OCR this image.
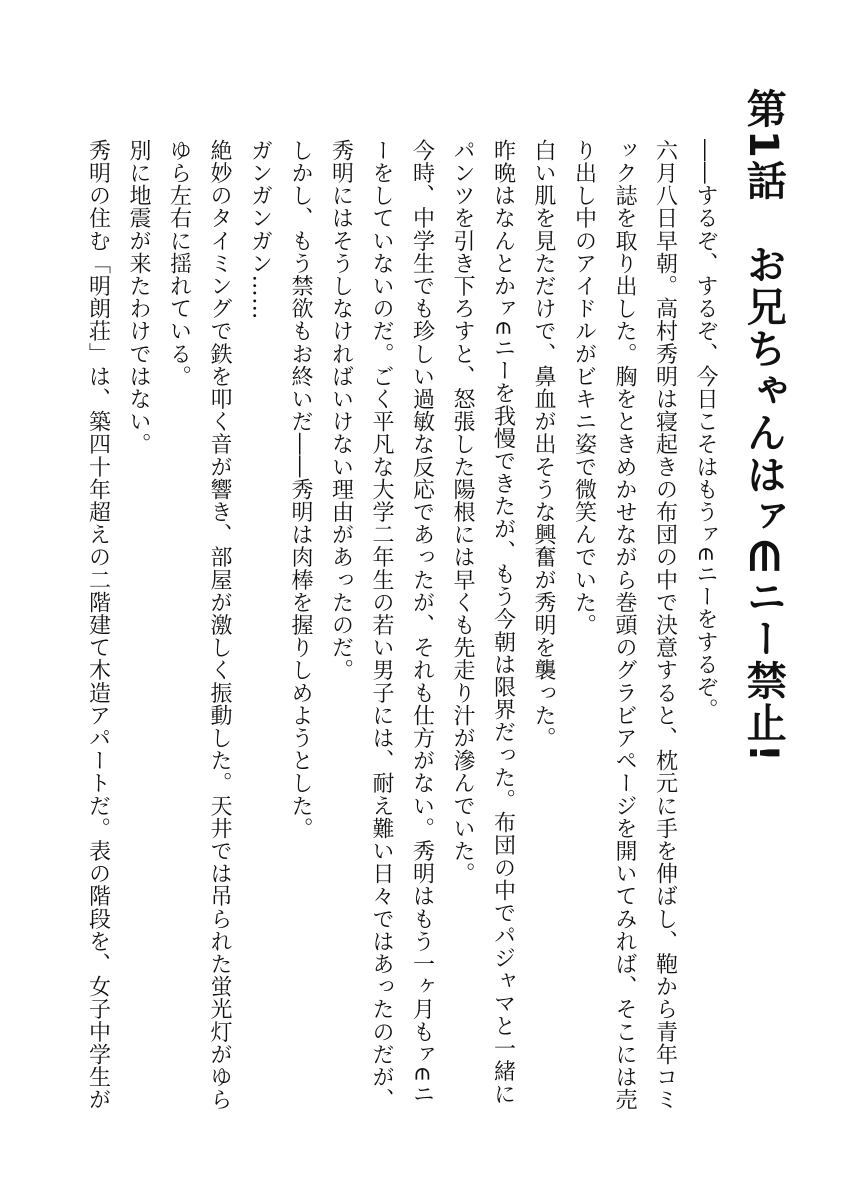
第1話　お兄ちゃんはァ∈ニー禁止!

――するぞ、するぞ、今日こそはもうァ∈ニーをするぞ。

六月八日早朝。高村秀明は寝起きの布団の中で決意すると、枕元に手を伸ばし、鞄から青年コミック誌を取り出した。胸をときめかせながら巻頭のグラビアページを開いてみれば、そこには売り出し中のアイドルがビキニ姿で微笑んでいた。

白い肌を見ただけで、鼻血が出そうな興奮が秀明を襲った。

昨晩はなんとかァ∈ニーを我慢できたが、もう今朝は限界だった。布団の中でパジャマと一緒にパンツを引き下ろすと、怒張した陽根には早くも先走り汁が滲んでいた。

今時、中学生でも珍しい過敏な反応であったが、それも仕方がない。秀明はもう一ヶ月もァ∈ニーをしていないのだ。ごく平凡な大学二年生の若い男子には、耐え難い日々ではあったのだが、秀明にはそうしなければいけない理由があったのだ。

しかし、もう禁欲もお終いだ――秀明は肉棒を握りしめようとした。

ガンガンガン……

絶妙のタイミングで鉄を叩く音が響き、部屋が激しく振動した。天井では吊られた蛍光灯がゆらゆら左右に揺れている。

別に地震が来たわけではない。

秀明の住む「明朗荘」は、築四十年超えの二階建て木造アパートだ。表の階段を、女子中学生が
